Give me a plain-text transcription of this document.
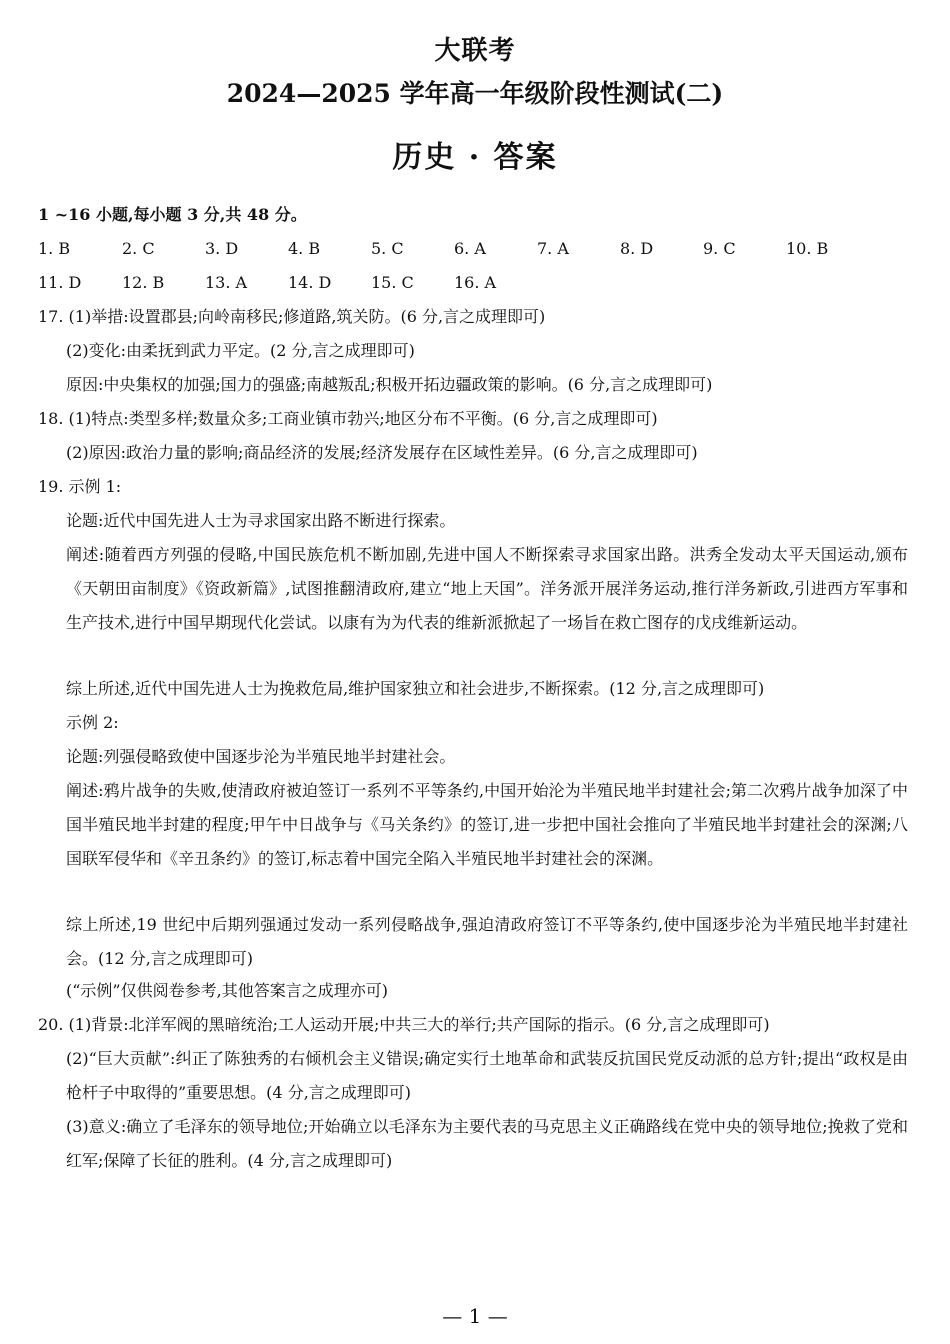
大联考
2024—2025 学年高一年级阶段性测试(二)
历史 · 答案
1 ~16 小题,每小题 3 分,共 48 分。
1. B	2. C	3. D	4. B	5. C	6. A	7. A	8. D	9. C	10. B
11. D	12. B	13. A	14. D 15. C	16. A
17. (1)举措:设置郡县;向岭南移民;修道路,筑关防。(6 分,言之成理即可)
(2)变化:由柔抚到武力平定。(2 分,言之成理即可)
原因:中央集权的加强;国力的强盛;南越叛乱;积极开拓边疆政策的影响。(6 分,言之成理即可)
18. (1)特点:类型多样;数量众多;工商业镇市勃兴;地区分布不平衡。(6 分,言之成理即可)
(2)原因:政治力量的影响;商品经济的发展;经济发展存在区域性差异。(6 分,言之成理即可)
19. 示例 1:
论题:近代中国先进人士为寻求国家出路不断进行探索。
阐述:随着西方列强的侵略,中国民族危机不断加剧,先进中国人不断探索寻求国家出路。洪秀全发动太平天国运动,颁布《天朝田亩制度》《资政新篇》,试图推翻清政府,建立“地上天国”。洋务派开展洋务运动,推行洋务新政,引进西方军事和生产技术,进行中国早期现代化尝试。以康有为为代表的维新派掀起了一场旨在救亡图存的戊戌维新运动。
综上所述,近代中国先进人士为挽救危局,维护国家独立和社会进步,不断探索。(12 分,言之成理即可)
示例 2:
论题:列强侵略致使中国逐步沦为半殖民地半封建社会。
阐述:鸦片战争的失败,使清政府被迫签订一系列不平等条约,中国开始沦为半殖民地半封建社会;第二次鸦片战争加深了中国半殖民地半封建的程度;甲午中日战争与《马关条约》的签订,进一步把中国社会推向了半殖民地半封建社会的深渊;八国联军侵华和《辛丑条约》的签订,标志着中国完全陷入半殖民地半封建社会的深渊。
综上所述,19 世纪中后期列强通过发动一系列侵略战争,强迫清政府签订不平等条约,使中国逐步沦为半殖民地半封建社会。(12 分,言之成理即可)
(“示例”仅供阅卷参考,其他答案言之成理亦可)
20. (1)背景:北洋军阀的黑暗统治;工人运动开展;中共三大的举行;共产国际的指示。(6 分,言之成理即可)
(2)“巨大贡献”:纠正了陈独秀的右倾机会主义错误;确定实行土地革命和武装反抗国民党反动派的总方针;提出“政权是由枪杆子中取得的”重要思想。(4 分,言之成理即可)
(3)意义:确立了毛泽东的领导地位;开始确立以毛泽东为主要代表的马克思主义正确路线在党中央的领导地位;挽救了党和红军;保障了长征的胜利。(4 分,言之成理即可)
— 1 —
